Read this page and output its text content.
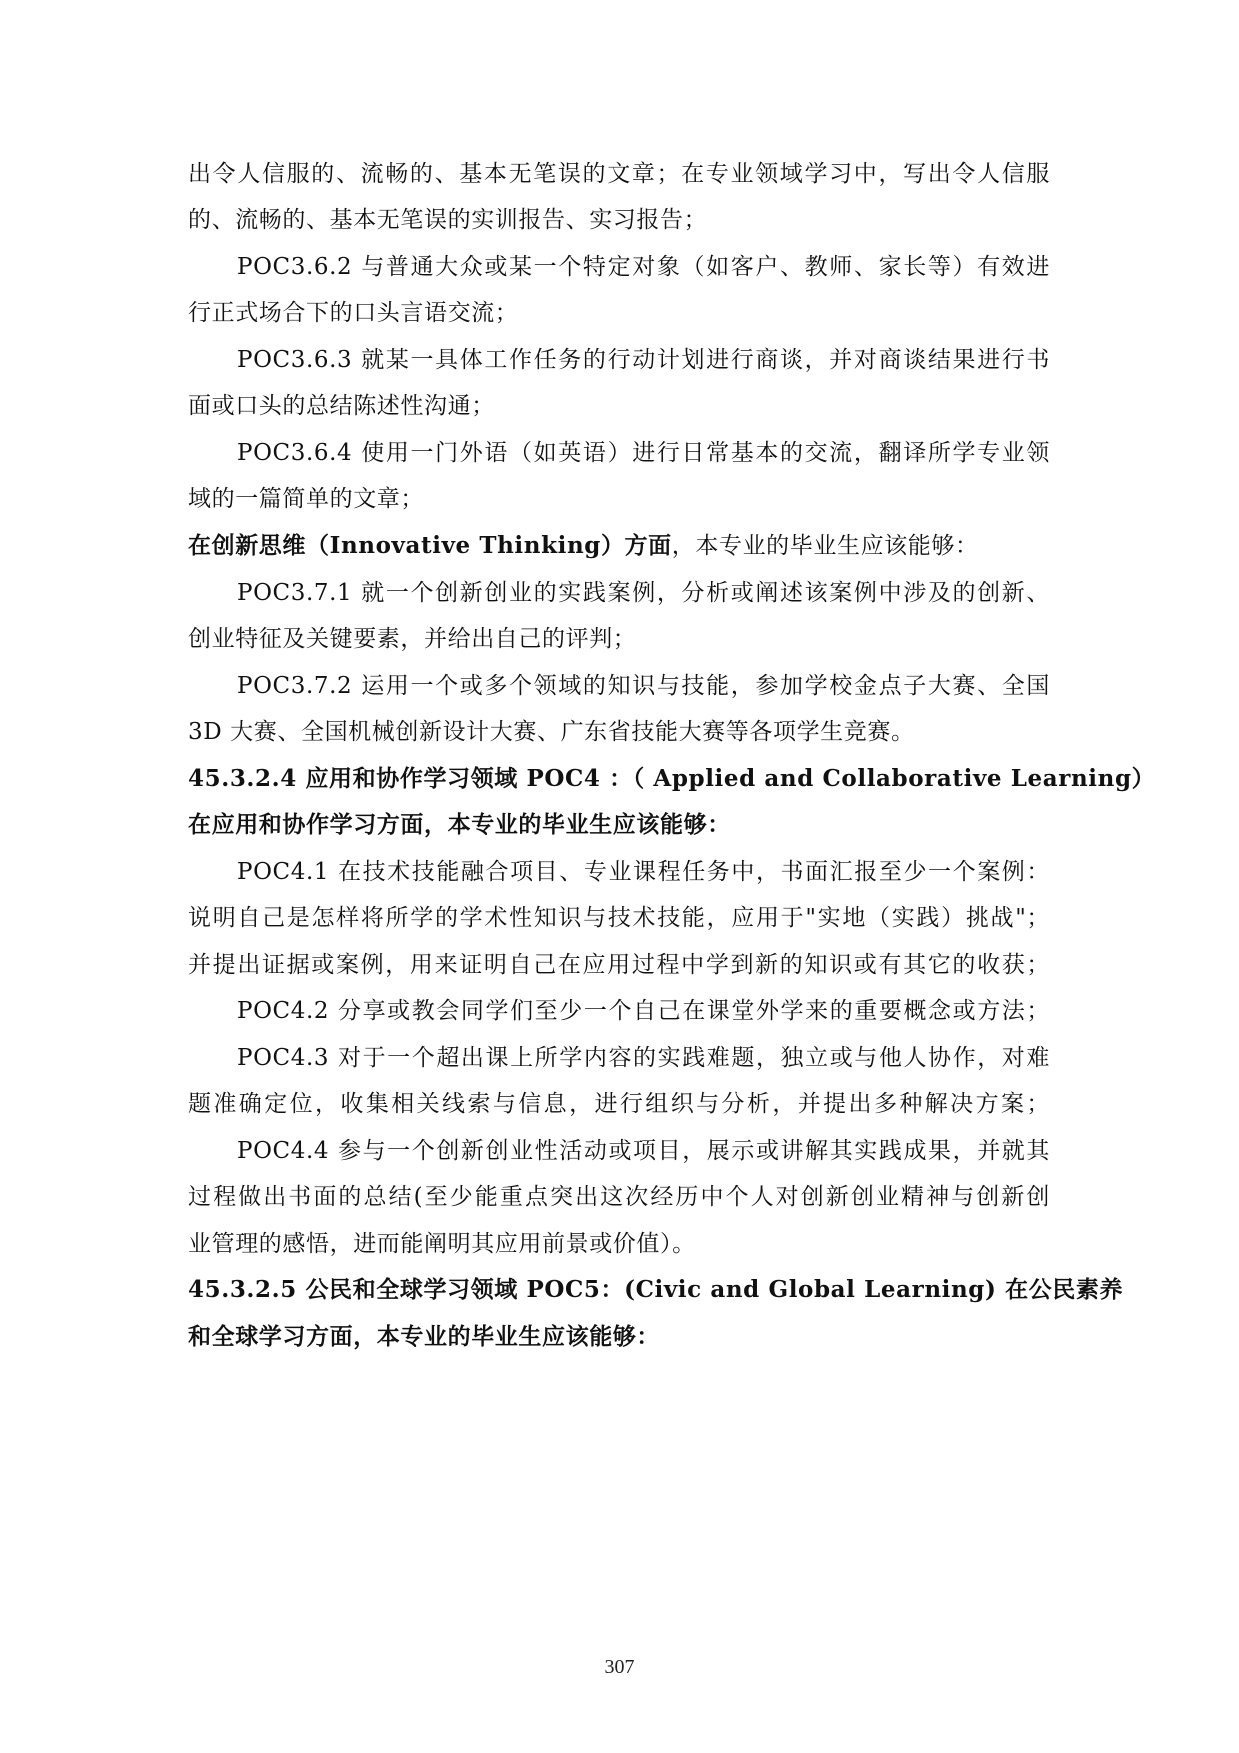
出令人信服的、流畅的、基本无笔误的文章；在专业领域学习中，写出令人信服
的、流畅的、基本无笔误的实训报告、实习报告；
POC3.6.2 与普通大众或某一个特定对象（如客户、教师、家长等）有效进
行正式场合下的口头言语交流；
POC3.6.3 就某一具体工作任务的行动计划进行商谈，并对商谈结果进行书
面或口头的总结陈述性沟通；
POC3.6.4 使用一门外语（如英语）进行日常基本的交流，翻译所学专业领
域的一篇简单的文章；
在创新思维（Innovative Thinking）方面，本专业的毕业生应该能够：
POC3.7.1 就一个创新创业的实践案例，分析或阐述该案例中涉及的创新、
创业特征及关键要素，并给出自己的评判；
POC3.7.2 运用一个或多个领域的知识与技能，参加学校金点子大赛、全国
3D 大赛、全国机械创新设计大赛、广东省技能大赛等各项学生竞赛。
45.3.2.4 应用和协作学习领域 POC4 ：（ Applied and Collaborative Learning）
在应用和协作学习方面，本专业的毕业生应该能够：
POC4.1 在技术技能融合项目、专业课程任务中，书面汇报至少一个案例：
说明自己是怎样将所学的学术性知识与技术技能，应用于"实地（实践）挑战"；
并提出证据或案例，用来证明自己在应用过程中学到新的知识或有其它的收获；
POC4.2 分享或教会同学们至少一个自己在课堂外学来的重要概念或方法；
POC4.3 对于一个超出课上所学内容的实践难题，独立或与他人协作，对难
题准确定位，收集相关线索与信息，进行组织与分析，并提出多种解决方案；
POC4.4 参与一个创新创业性活动或项目，展示或讲解其实践成果，并就其
过程做出书面的总结(至少能重点突出这次经历中个人对创新创业精神与创新创
业管理的感悟，进而能阐明其应用前景或价值）。
45.3.2.5 公民和全球学习领域 POC5：(Civic and Global Learning) 在公民素养
和全球学习方面，本专业的毕业生应该能够：
307
